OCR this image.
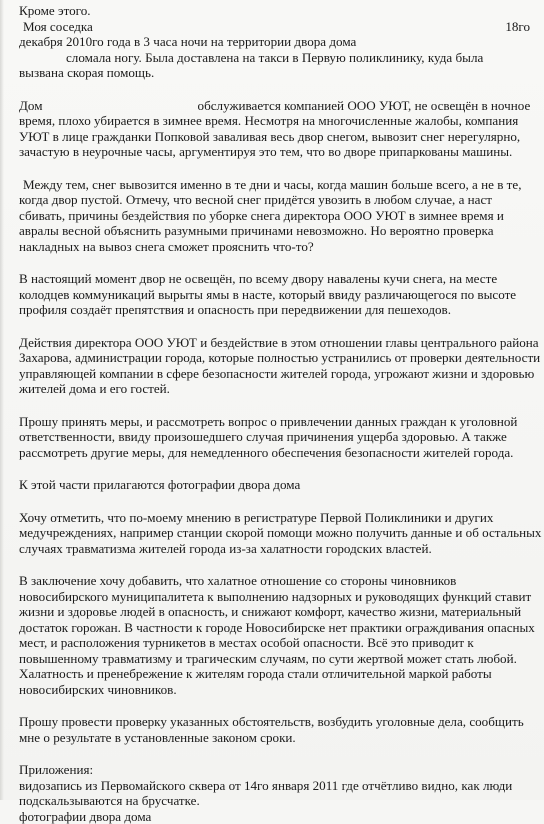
Кроме этого.
Моя соседка	18го
декабря 2010го года в 3 часа ночи на территории двора дома
сломала ногу. Была доставлена на такси в Первую поликлинику, куда была
вызвана скорая помощь.
Дом	обслуживается компанией ООО УЮТ, не освещён в ночное
время, плохо убирается в зимнее время. Несмотря на многочисленные жалобы, компания
УЮТ в лице гражданки Попковой заваливая весь двор снегом, вывозит снег нерегулярно,
зачастую в неурочные часы, аргументируя это тем, что во дворе припаркованы машины.
Между тем, снег вывозится именно в те дни и часы, когда машин больше всего, а не в те,
когда двор пустой. Отмечу, что весной снег придётся увозить в любом случае, а наст
сбивать, причины бездействия по уборке снега директора ООО УЮТ в зимнее время и
авралы весной объяснить разумными причинами невозможно. Но вероятно проверка
накладных на вывоз снега сможет прояснить что-то?
В настоящий момент двор не освещён, по всему двору навалены кучи снега, на месте
колодцев коммуникаций вырыты ямы в насте, который ввиду различающегося по высоте
профиля создаёт препятствия и опасность при передвижении для пешеходов.
Действия директора ООО УЮТ и бездействие в этом отношении главы центрального района
Захарова, администрации города, которые полностью устранились от проверки деятельности
управляющей компании в сфере безопасности жителей города, угрожают жизни и здоровью
жителей дома и его гостей.
Прошу принять меры, и рассмотреть вопрос о привлечении данных граждан к уголовной
ответственности, ввиду произошедшего случая причинения ущерба здоровью. А также
рассмотреть другие меры, для немедленного обеспечения безопасности жителей города.
К этой части прилагаются фотографии двора дома
Хочу отметить, что по-моему мнению в регистратуре Первой Поликлиники и других
медучреждениях, например станции скорой помощи можно получить данные и об остальных
случаях травматизма жителей города из-за халатности городских властей.
В заключение хочу добавить, что халатное отношение со стороны чиновников
новосибирского муниципалитета к выполнению надзорных и руководящих функций ставит
жизни и здоровье людей в опасность, и снижают комфорт, качество жизни, материальный
достаток горожан. В частности к городе Новосибирске нет практики ограждивания опасных
мест, и расположения турникетов в местах особой опасности. Всё это приводит к
повышенному травматизму и трагическим случаям, по сути жертвой может стать любой.
Халатность и пренебрежение к жителям города стали отличительной маркой работы
новосибирских чиновников.
Прошу провести проверку указанных обстоятельств, возбудить уголовные дела, сообщить
мне о результате в установленные законом сроки.
Приложения:
видозапись из Первомайского сквера от 14го января 2011 где отчётливо видно, как люди
подскальзываются на брусчатке.
фотографии двора дома
